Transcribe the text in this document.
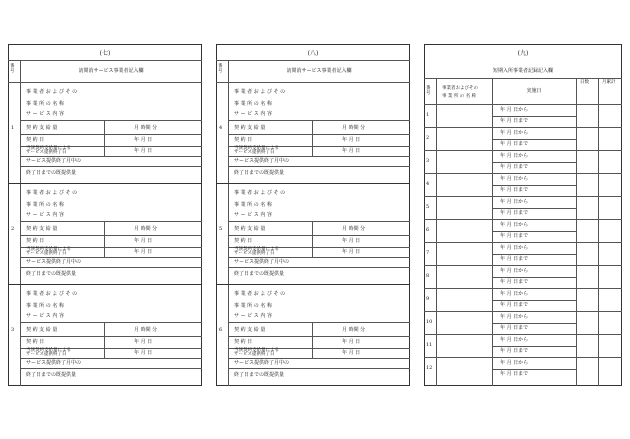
(七)	(八)	(九)
番号	訪問消サービス事業者記入欄
1
事 業 者 お よ び そ の
事 業 所 の 名 称
サ ー ビ ス 内 容
契 約 支 給 量	月 時間 分
契 約 日	年 月 日
当該契約支給量による
サービス提供終了日	年 月 日
サービス提供終了月中の
終了日までの既提供量
2
事 業 者 お よ び そ の
事 業 所 の 名 称
サ ー ビ ス 内 容
契 約 支 給 量	月 時間 分
契 約 日	年 月 日
当該契約支給量による
サービス提供終了日	年 月 日
サービス提供終了月中の
終了日までの既提供量
3
事 業 者 お よ び そ の
事 業 所 の 名 称
サ ー ビ ス 内 容
契 約 支 給 量	月 時間 分
契 約 日	年 月 日
当該契約支給量による
サービス提供終了日	年 月 日
サービス提供終了月中の
終了日までの既提供量
番号	訪問消サービス事業者記入欄
4
事 業 者 お よ び そ の
事 業 所 の 名 称
サ ー ビ ス 内 容
契 約 支 給 量	月 時間 分
契 約 日	年 月 日
当該契約支給量による
サービス提供終了日	年 月 日
サービス提供終了月中の
終了日までの既提供量
5
事 業 者 お よ び そ の
事 業 所 の 名 称
サ ー ビ ス 内 容
契 約 支 給 量	月 時間 分
契 約 日	年 月 日
当該契約支給量による
サービス提供終了日	年 月 日
サービス提供終了月中の
終了日までの既提供量
6
事 業 者 お よ び そ の
事 業 所 の 名 称
サ ー ビ ス 内 容
契 約 支 給 量	月 時間 分
契 約 日	年 月 日
当該契約支給量による
サービス提供終了日	年 月 日
サービス提供終了月中の
終了日までの既提供量
短期入所事業者記録記入欄
番号
事業者およびその
事 業 所 の 名 称
実施日
日数	月累計
1
年 月 日から
年 月 日まで
2
年 月 日から
年 月 日まで
3
年 月 日から
年 月 日まで
4
年 月 日から
年 月 日まで
5
年 月 日から
年 月 日まで
6
年 月 日から
年 月 日まで
7
年 月 日から
年 月 日まで
8
年 月 日から
年 月 日まで
9
年 月 日から
年 月 日まで
10
年 月 日から
年 月 日まで
11
年 月 日から
年 月 日まで
12
年 月 日から
年 月 日まで
